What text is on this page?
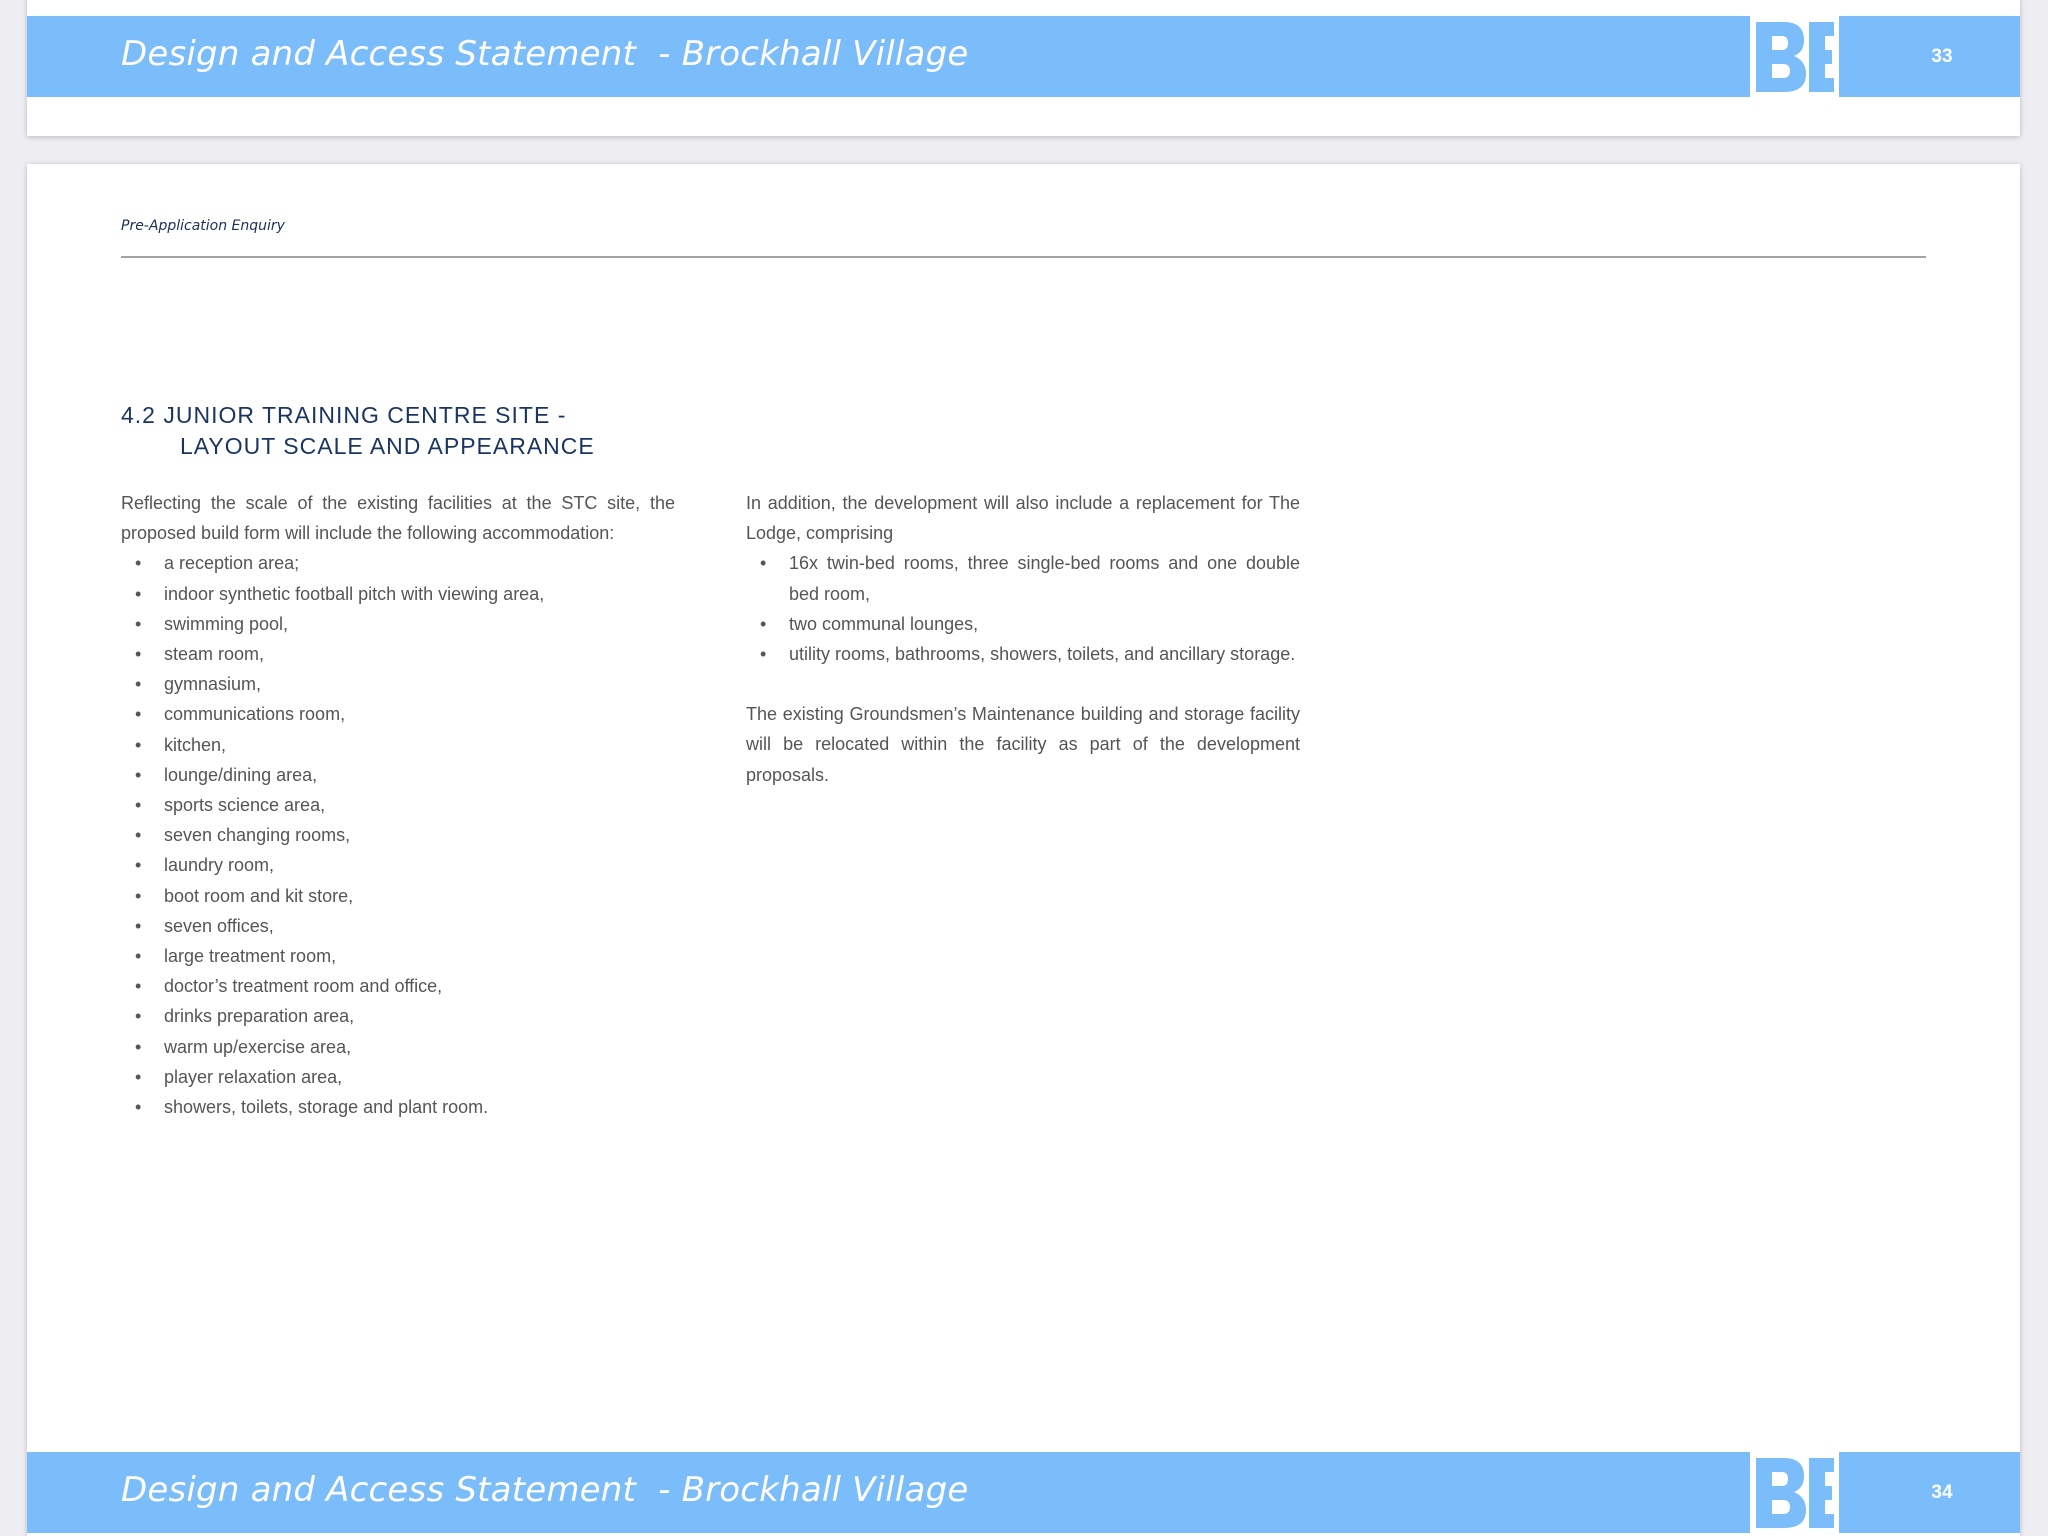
Design and Access Statement  - Brockhall Village	33
Pre-Application Enquiry
4.2 JUNIOR TRAINING CENTRE SITE -
LAYOUT SCALE AND APPEARANCE

Reflecting the scale of the existing facilities at the STC site, the proposed build form will include the following accommodation:

• a reception area;
• indoor synthetic football pitch with viewing area,
• swimming pool,
• steam room,
• gymnasium,
• communications room,
• kitchen,
• lounge/dining area,
• sports science area,
• seven changing rooms,
• laundry room,
• boot room and kit store,
• seven offices,
• large treatment room,
• doctor’s treatment room and office,
• drinks preparation area,
• warm up/exercise area,
• player relaxation area,
• showers, toilets, storage and plant room.

In addition, the development will also include a replacement for The Lodge, comprising

• 16x twin-bed rooms, three single-bed rooms and one double bed room,
• two communal lounges,
• utility rooms, bathrooms, showers, toilets, and ancillary storage.

The existing Groundsmen’s Maintenance building and storage facility will be relocated within the facility as part of the development proposals.

Design and Access Statement  - Brockhall Village	34
